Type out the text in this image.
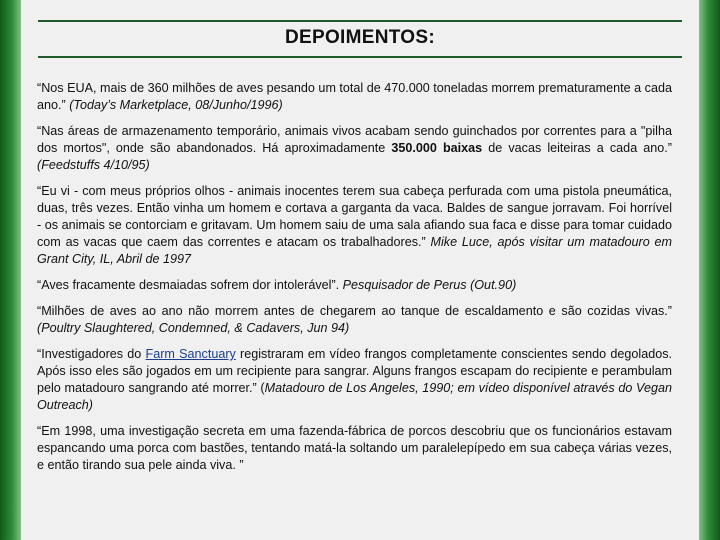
DEPOIMENTOS:

“Nos EUA, mais de 360 milhões de aves pesando um total de 470.000 toneladas morrem prematuramente a cada ano.” (Today’s Marketplace, 08/Junho/1996)

“Nas áreas de armazenamento temporário, animais vivos acabam sendo guinchados por correntes para a "pilha dos mortos", onde são abandonados. Há aproximadamente 350.000 baixas de vacas leiteiras a cada ano.” (Feedstuffs 4/10/95)

“Eu vi - com meus próprios olhos - animais inocentes terem sua cabeça perfurada com uma pistola pneumática, duas, três vezes. Então vinha um homem e cortava a garganta da vaca. Baldes de sangue jorravam. Foi horrível - os animais se contorciam e gritavam. Um homem saiu de uma sala afiando sua faca e disse para tomar cuidado com as vacas que caem das correntes e atacam os trabalhadores.” Mike Luce, após visitar um matadouro em Grant City, IL, Abril de 1997

“Aves fracamente desmaiadas sofrem dor intolerável”. Pesquisador de Perus (Out.90)

“Milhões de aves ao ano não morrem antes de chegarem ao tanque de escaldamento e são cozidas vivas.” (Poultry Slaughtered, Condemned, & Cadavers, Jun 94)

“Investigadores do Farm Sanctuary registraram em vídeo frangos completamente conscientes sendo degolados. Após isso eles são jogados em um recipiente para sangrar. Alguns frangos escapam do recipiente e perambulam pelo matadouro sangrando até morrer.” (Matadouro de Los Angeles, 1990; em vídeo disponível através do Vegan Outreach)

“Em 1998, uma investigação secreta em uma fazenda-fábrica de porcos descobriu que os funcionários estavam espancando uma porca com bastões, tentando matá-la soltando um paralelepípedo em sua cabeça várias vezes, e então tirando sua pele ainda viva. ”
